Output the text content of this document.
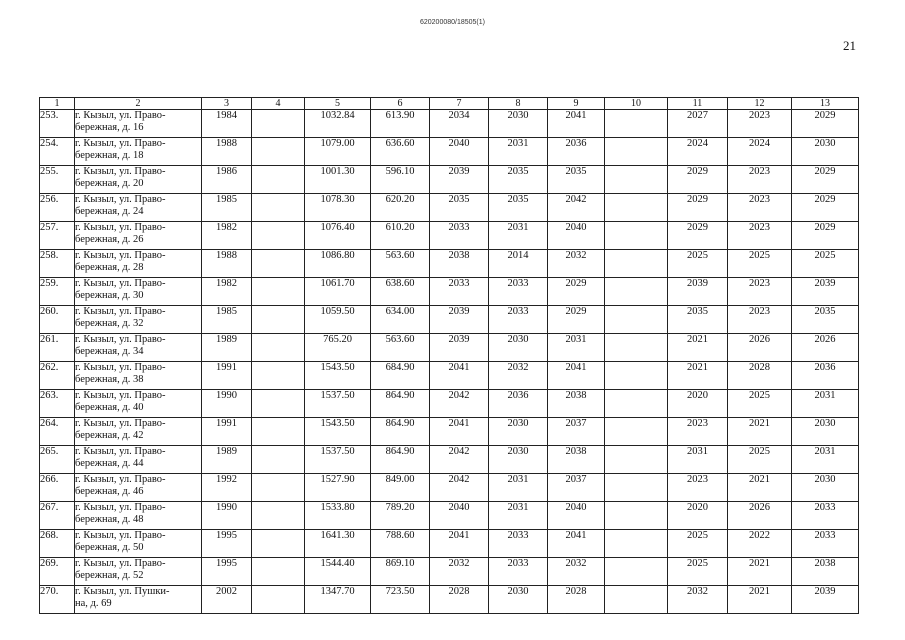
620200080/18505(1)
21
1	2	3	4	5	6	7	8	9	10	11	12	13
253.	г. Кызыл, ул. Право-
бережная, д. 16	1984		1032.84	613.90	2034	2030	2041		2027	2023	2029
254.	г. Кызыл, ул. Право-
бережная, д. 18	1988		1079.00	636.60	2040	2031	2036		2024	2024	2030
255.	г. Кызыл, ул. Право-
бережная, д. 20	1986		1001.30	596.10	2039	2035	2035		2029	2023	2029
256.	г. Кызыл, ул. Право-
бережная, д. 24	1985		1078.30	620.20	2035	2035	2042		2029	2023	2029
257.	г. Кызыл, ул. Право-
бережная, д. 26	1982		1076.40	610.20	2033	2031	2040		2029	2023	2029
258.	г. Кызыл, ул. Право-
бережная, д. 28	1988		1086.80	563.60	2038	2014	2032		2025	2025	2025
259.	г. Кызыл, ул. Право-
бережная, д. 30	1982		1061.70	638.60	2033	2033	2029		2039	2023	2039
260.	г. Кызыл, ул. Право-
бережная, д. 32	1985		1059.50	634.00	2039	2033	2029		2035	2023	2035
261.	г. Кызыл, ул. Право-
бережная, д. 34	1989		765.20	563.60	2039	2030	2031		2021	2026	2026
262.	г. Кызыл, ул. Право-
бережная, д. 38	1991		1543.50	684.90	2041	2032	2041		2021	2028	2036
263.	г. Кызыл, ул. Право-
бережная, д. 40	1990		1537.50	864.90	2042	2036	2038		2020	2025	2031
264.	г. Кызыл, ул. Право-
бережная, д. 42	1991		1543.50	864.90	2041	2030	2037		2023	2021	2030
265.	г. Кызыл, ул. Право-
бережная, д. 44	1989		1537.50	864.90	2042	2030	2038		2031	2025	2031
266.	г. Кызыл, ул. Право-
бережная, д. 46	1992		1527.90	849.00	2042	2031	2037		2023	2021	2030
267.	г. Кызыл, ул. Право-
бережная, д. 48	1990		1533.80	789.20	2040	2031	2040		2020	2026	2033
268.	г. Кызыл, ул. Право-
бережная, д. 50	1995		1641.30	788.60	2041	2033	2041		2025	2022	2033
269.	г. Кызыл, ул. Право-
бережная, д. 52	1995		1544.40	869.10	2032	2033	2032		2025	2021	2038
270.	г. Кызыл, ул. Пушки-
на, д. 69	2002		1347.70	723.50	2028	2030	2028		2032	2021	2039
